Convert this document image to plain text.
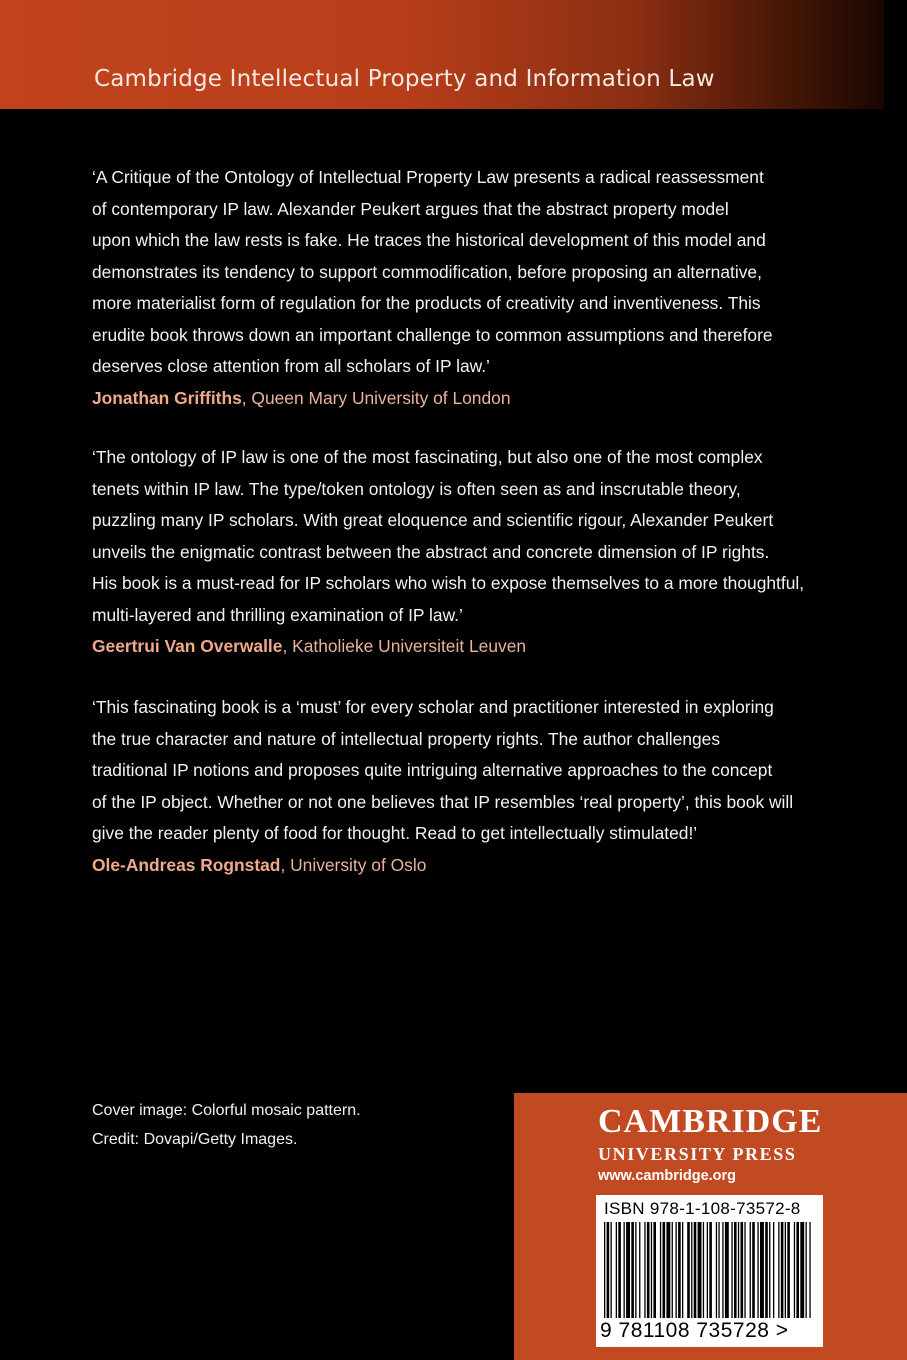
Cambridge Intellectual Property and Information Law

‘A Critique of the Ontology of Intellectual Property Law presents a radical reassessment
of contemporary IP law. Alexander Peukert argues that the abstract property model
upon which the law rests is fake. He traces the historical development of this model and
demonstrates its tendency to support commodification, before proposing an alternative,
more materialist form of regulation for the products of creativity and inventiveness. This
erudite book throws down an important challenge to common assumptions and therefore
deserves close attention from all scholars of IP law.’

Jonathan Griffiths, Queen Mary University of London

‘The ontology of IP law is one of the most fascinating, but also one of the most complex
tenets within IP law. The type/token ontology is often seen as and inscrutable theory,
puzzling many IP scholars. With great eloquence and scientific rigour, Alexander Peukert
unveils the enigmatic contrast between the abstract and concrete dimension of IP rights.
His book is a must-read for IP scholars who wish to expose themselves to a more thoughtful,
multi-layered and thrilling examination of IP law.’

Geertrui Van Overwalle, Katholieke Universiteit Leuven

‘This fascinating book is a ‘must’ for every scholar and practitioner interested in exploring
the true character and nature of intellectual property rights. The author challenges
traditional IP notions and proposes quite intriguing alternative approaches to the concept
of the IP object. Whether or not one believes that IP resembles ‘real property’, this book will
give the reader plenty of food for thought. Read to get intellectually stimulated!’

Ole-Andreas Rognstad, University of Oslo

Cover image: Colorful mosaic pattern.
Credit: Dovapi/Getty Images.	CAMBRIDGE
UNIVERSITY PRESS
www.cambridge.org
ISBN 978-1-108-73572-8
9 781108 735728 >
